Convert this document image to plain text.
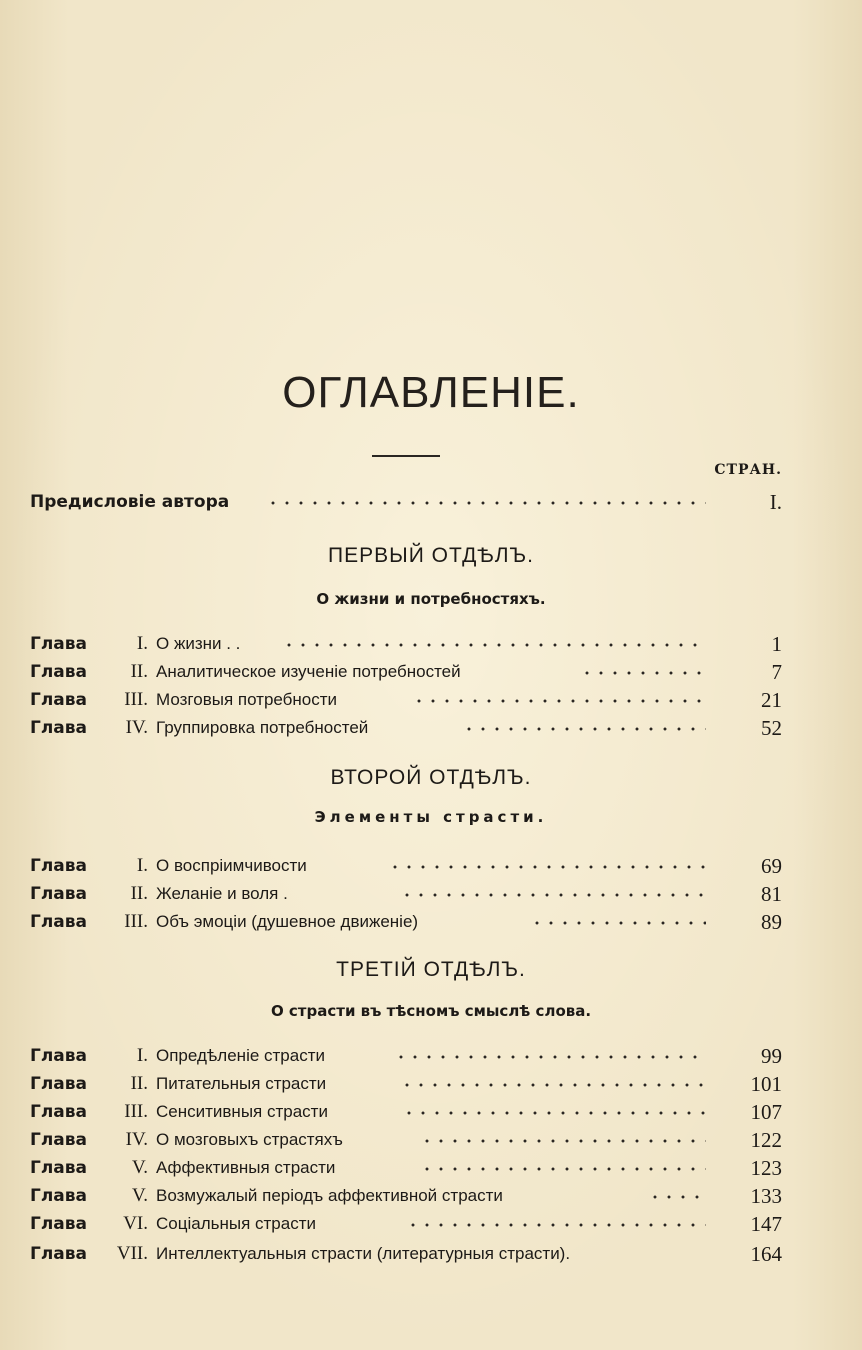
ОГЛАВЛЕНІЕ.
СТРАН.
Предисловіе автора	I.
ПЕРВЫЙ ОТДѢЛЪ.
О жизни и потребностяхъ.
Глава	I. О жизни . .	1
Глава	II. Аналитическое изученіе потребностей	7
Глава	III. Мозговыя потребности	21
Глава	IV. Группировка потребностей	52
ВТОРОЙ ОТДѢЛЪ.
Элементы страсти.
Глава	I. О воспріимчивости	69
Глава	II. Желаніе и воля .	81
Глава	III. Объ эмоціи (душевное движеніе)	89
ТРЕТІЙ ОТДѢЛЪ.
О страсти въ тѣсномъ смыслѣ слова.
Глава	I. Опредѣленіе страсти	99
Глава	II. Питательныя страсти	101
Глава	III. Сенситивныя страсти	107
Глава	IV. О мозговыхъ страстяхъ	122
Глава	V. Аффективныя страсти	123
Глава	V. Возмужалый періодъ аффективной страсти	133
Глава	VI. Соціальныя страсти	147
Глава	VII. Интеллектуальныя страсти (литературныя страсти).	164
